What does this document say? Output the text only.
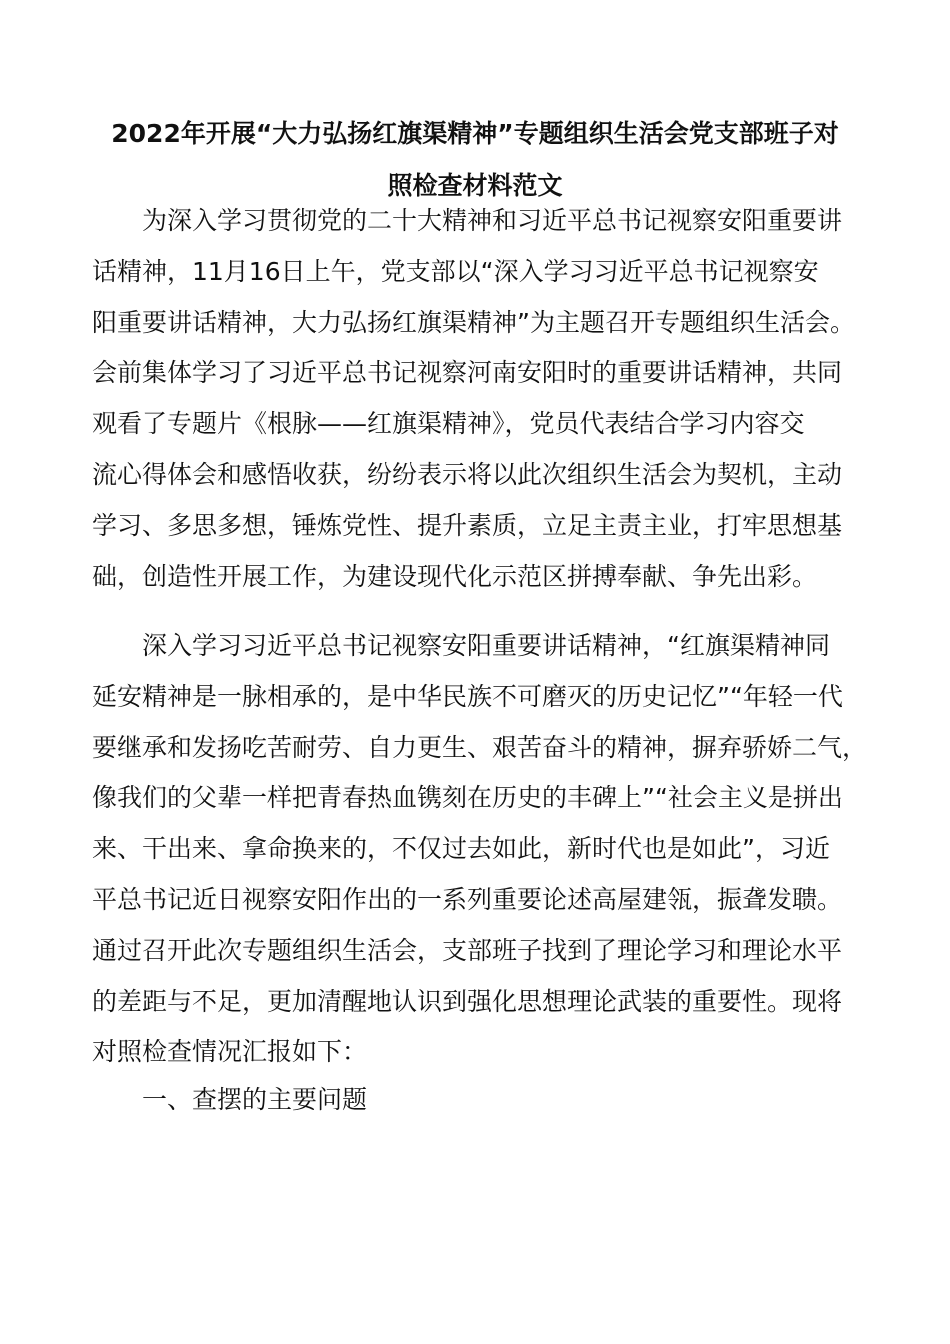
2022年开展“大力弘扬红旗渠精神”专题组织生活会党支部班子对
照检查材料范文
为深入学习贯彻党的二十大精神和习近平总书记视察安阳重要讲
话精神，11月16日上午，党支部以“深入学习习近平总书记视察安
阳重要讲话精神，大力弘扬红旗渠精神”为主题召开专题组织生活会。
会前集体学习了习近平总书记视察河南安阳时的重要讲话精神，共同
观看了专题片《根脉——红旗渠精神》，党员代表结合学习内容交
流心得体会和感悟收获，纷纷表示将以此次组织生活会为契机，主动
学习、多思多想，锤炼党性、提升素质，立足主责主业，打牢思想基
础，创造性开展工作，为建设现代化示范区拼搏奉献、争先出彩。
深入学习习近平总书记视察安阳重要讲话精神，“红旗渠精神同
延安精神是一脉相承的，是中华民族不可磨灭的历史记忆”“年轻一代
要继承和发扬吃苦耐劳、自力更生、艰苦奋斗的精神，摒弃骄娇二气，
像我们的父辈一样把青春热血镌刻在历史的丰碑上”“社会主义是拼出
来、干出来、拿命换来的，不仅过去如此，新时代也是如此”，习近
平总书记近日视察安阳作出的一系列重要论述高屋建瓴，振聋发聩。
通过召开此次专题组织生活会，支部班子找到了理论学习和理论水平
的差距与不足，更加清醒地认识到强化思想理论武装的重要性。现将
对照检查情况汇报如下：
一、查摆的主要问题
